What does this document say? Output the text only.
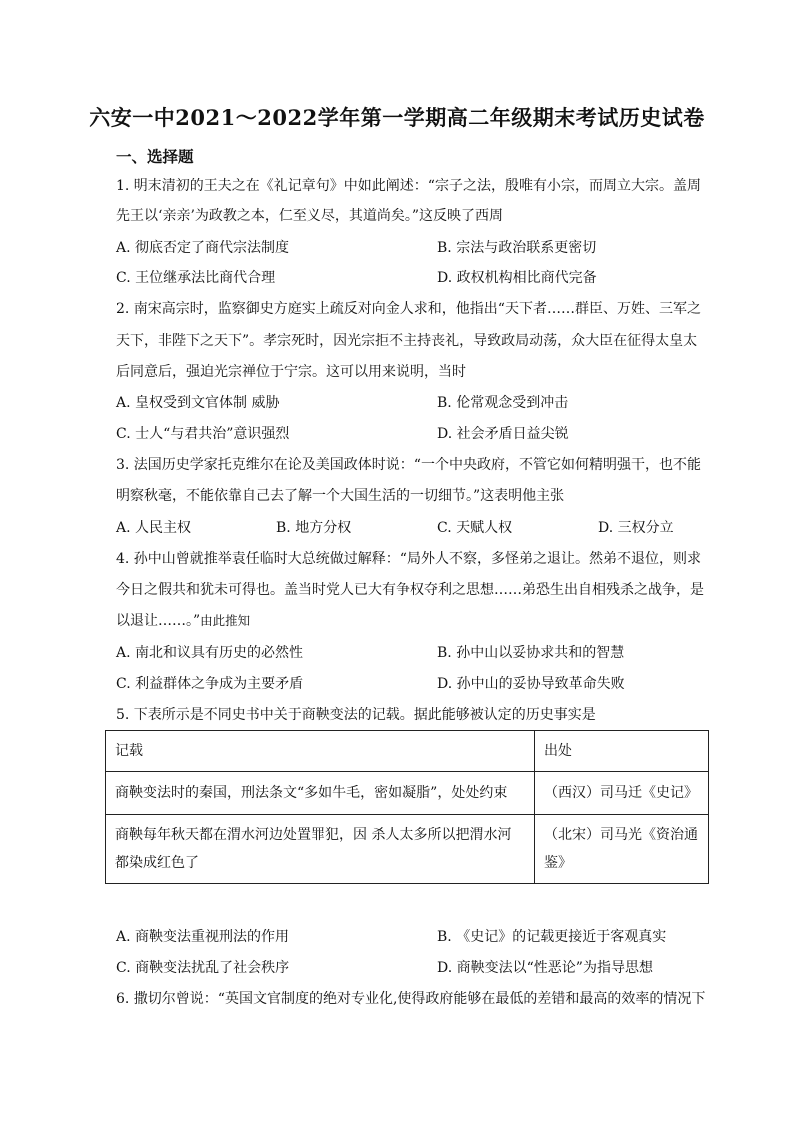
六安一中2021～2022学年第一学期高二年级期末考试历史试卷
一、选择题
1. 明末清初的王夫之在《礼记章句》中如此阐述：“宗子之法，殷唯有小宗，而周立大宗。盖周
先王以‘亲亲’为政教之本，仁至义尽，其道尚矣。”这反映了西周
A. 彻底否定了商代宗法制度	B. 宗法与政治联系更密切
C. 王位继承法比商代合理	D. 政权机构相比商代完备
2. 南宋高宗时，监察御史方庭实上疏反对向金人求和，他指出“天下者……群臣、万姓、三军之
天下，非陛下之天下”。孝宗死时，因光宗拒不主持丧礼，导致政局动荡，众大臣在征得太皇太
后同意后，强迫光宗禅位于宁宗。这可以用来说明，当时
A. 皇权受到文官体制 威胁	B. 伦常观念受到冲击
C. 士人“与君共治”意识强烈	D. 社会矛盾日益尖锐
3. 法国历史学家托克维尔在论及美国政体时说：“一个中央政府，不管它如何精明强干，也不能
明察秋毫，不能依靠自己去了解一个大国生活的一切细节。”这表明他主张
A. 人民主权	B. 地方分权	C. 天赋人权	D. 三权分立
4. 孙中山曾就推举袁任临时大总统做过解释：“局外人不察，多怪弟之退让。然弟不退位，则求
今日之假共和犹未可得也。盖当时党人已大有争权夺利之思想……弟恐生出自相残杀之战争，是
以退让……。”由此推知
A. 南北和议具有历史的必然性	B. 孙中山以妥协求共和的智慧
C. 利益群体之争成为主要矛盾	D. 孙中山的妥协导致革命失败
5. 下表所示是不同史书中关于商鞅变法的记载。据此能够被认定的历史事实是
记载	出处
商鞅变法时的秦国，刑法条文“多如牛毛，密如凝脂”，处处约束	（西汉）司马迁《史记》
商鞅每年秋天都在渭水河边处置罪犯，因 杀人太多所以把渭水河都染成红色了	（北宋）司马光《资治通鉴》
A. 商鞅变法重视刑法的作用	B. 《史记》的记载更接近于客观真实
C. 商鞅变法扰乱了社会秩序	D. 商鞅变法以“性恶论”为指导思想
6. 撒切尔曾说：“英国文官制度的绝对专业化,使得政府能够在最低的差错和最高的效率的情况下
